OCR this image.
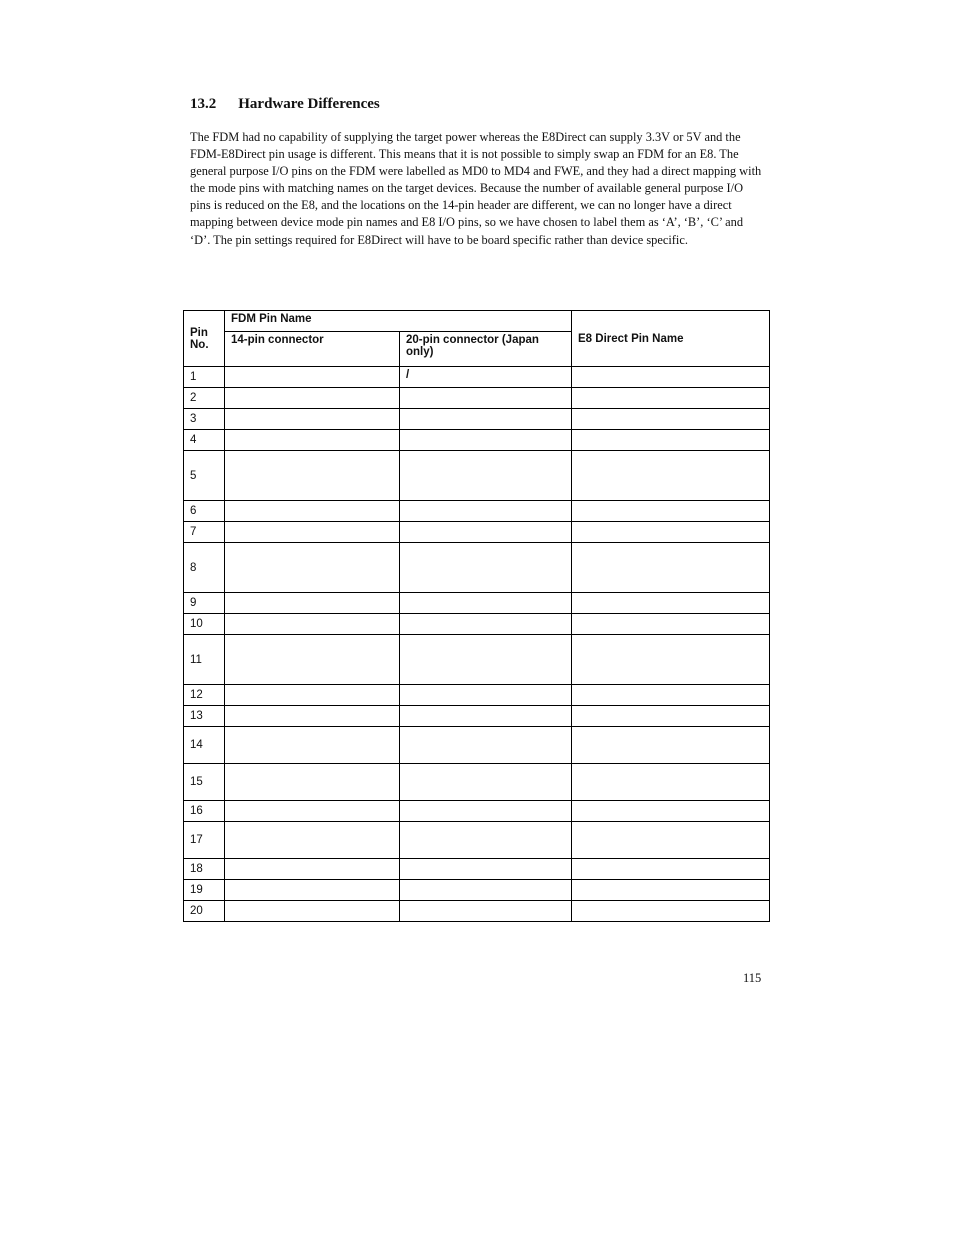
13.2 Hardware Differences

The FDM had no capability of supplying the target power whereas the E8Direct can supply 3.3V or 5V and the FDM-E8Direct pin usage is different. This means that it is not possible to simply swap an FDM for an E8. The general purpose I/O pins on the FDM were labelled as MD0 to MD4 and FWE, and they had a direct mapping with the mode pins with matching names on the target devices. Because the number of available general purpose I/O pins is reduced on the E8, and the locations on the 14-pin header are different, we can no longer have a direct mapping between device mode pin names and E8 I/O pins, so we have chosen to label them as ‘A’, ‘B’, ‘C’ and ‘D’. The pin settings required for E8Direct will have to be board specific rather than device specific.

Pin No.	FDM Pin Name		E8 Direct Pin Name
	14-pin connector	20-pin connector (Japan only)	
1		/	
2			
3			
4			
5			
6			
7			
8			
9			
10			
11			
12			
13			
14			
15			
16			
17			
18			
19			
20			
115
